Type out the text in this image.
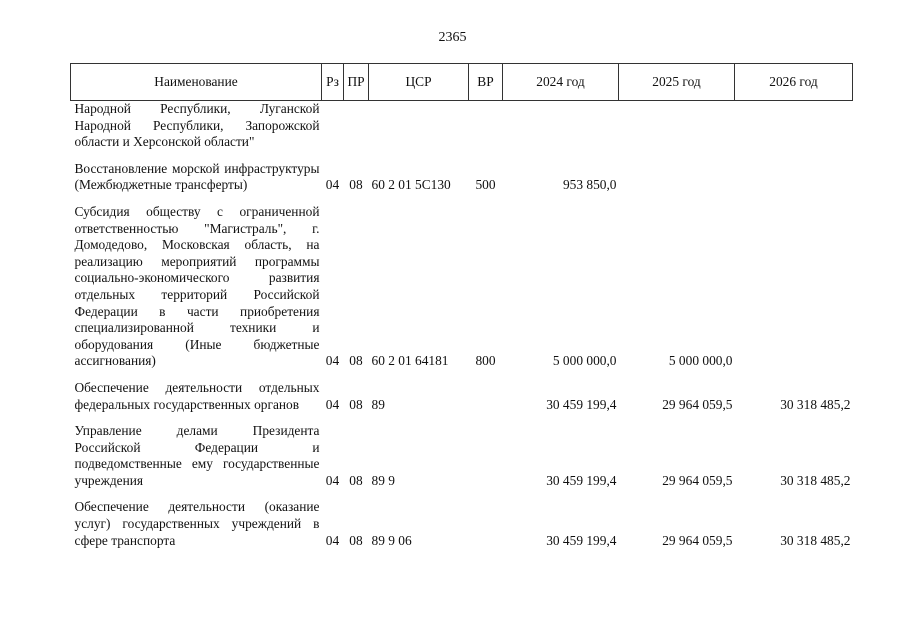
2365
Наименование	Рз	ПР	ЦСР	ВР	2024 год	2025 год	2026 год
Народной Республики, Луганской Народной Республики, Запорожской области и Херсонской области"							

Восстановление морской инфраструктуры (Межбюджетные трансферты)	04	08	60 2 01 5С130	500	953 850,0		

Субсидия обществу с ограниченной ответственностью "Магистраль", г. Домодедово, Московская область, на реализацию мероприятий программы социально-экономического развития отдельных территорий Российской Федерации в части приобретения специализированной техники и оборудования (Иные бюджетные ассигнования)	04	08	60 2 01 64181	800	5 000 000,0	5 000 000,0	

Обеспечение деятельности отдельных федеральных государственных органов	04	08	89		30 459 199,4	29 964 059,5	30 318 485,2

Управление делами Президента Российской Федерации и подведомственные ему государственные учреждения	04	08	89 9		30 459 199,4	29 964 059,5	30 318 485,2

Обеспечение деятельности (оказание услуг) государственных учреждений в сфере транспорта	04	08	89 9 06		30 459 199,4	29 964 059,5	30 318 485,2
